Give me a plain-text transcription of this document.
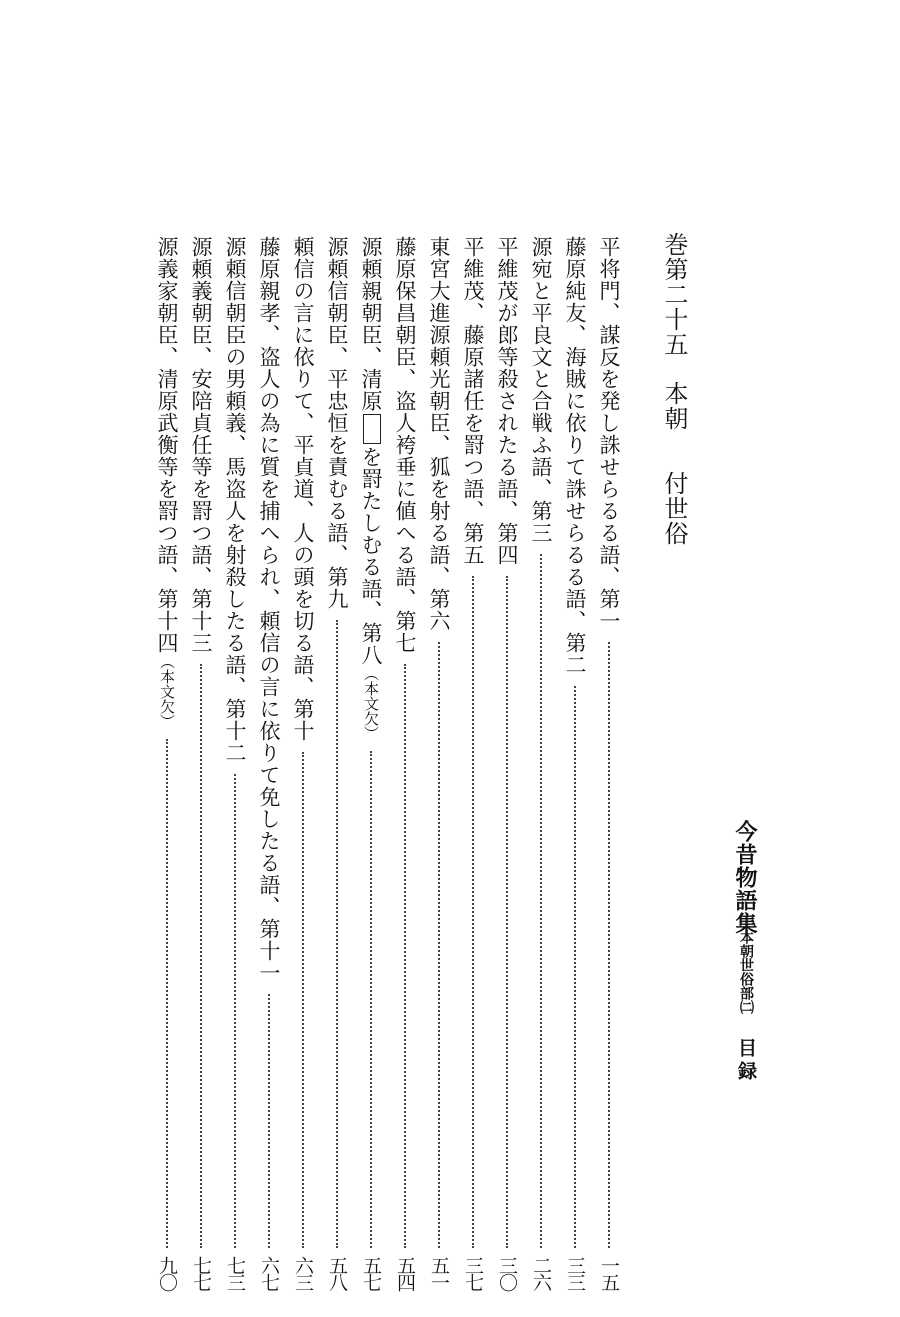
今昔物語集
本朝世俗部㈡
目録
巻第二十五本朝付世俗
平将門、謀反を発し誅せらるる語、第一
一五
藤原純友、海賊に依りて誅せらるる語、第二
三三
源宛と平良文と合戦ふ語、第三
二六
平維茂が郎等殺されたる語、第四
三〇
平維茂、藤原諸任を罸つ語、第五
三七
東宮大進源頼光朝臣、狐を射る語、第六
五一
藤原保昌朝臣、盗人袴垂に値へる語、第七
五四
源頼親朝臣、清原を罸たしむる語、第八（本文欠）
五七
源頼信朝臣、平忠恒を責むる語、第九
五八
頼信の言に依りて、平貞道、人の頭を切る語、第十
六三
藤原親孝、盗人の為に質を捕へられ、頼信の言に依りて免したる語、第十一
六七
源頼信朝臣の男頼義、馬盗人を射殺したる語、第十二
七三
源頼義朝臣、安陪貞任等を罸つ語、第十三
七七
源義家朝臣、清原武衡等を罸つ語、第十四（本文欠）
九〇
